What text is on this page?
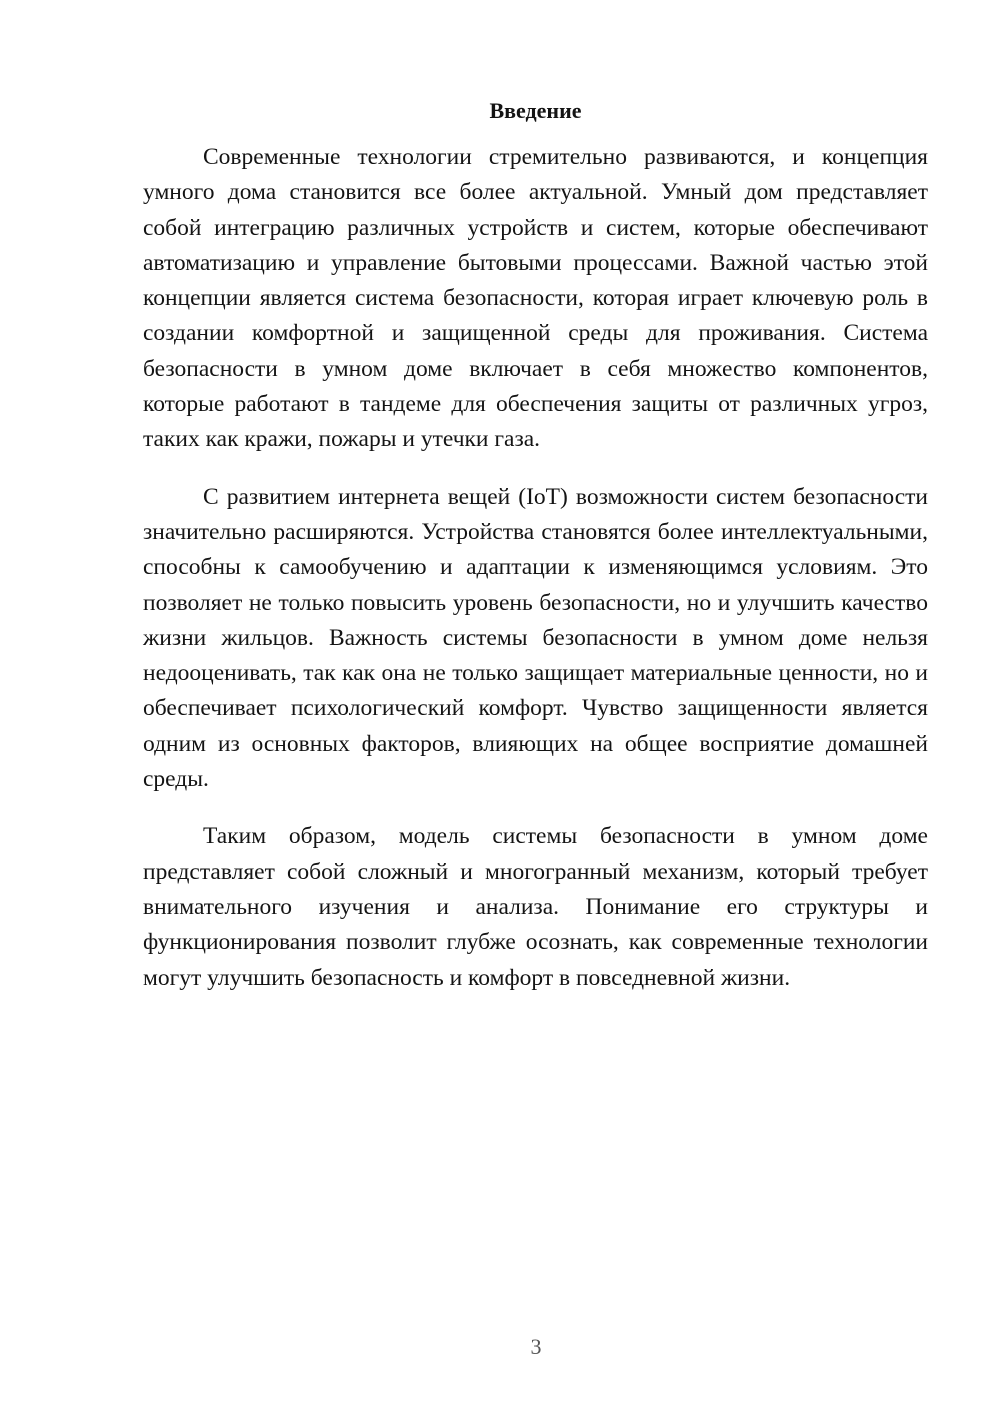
Введение

Современные технологии стремительно развиваются, и концепция умного дома становится все более актуальной. Умный дом представляет собой интеграцию различных устройств и систем, которые обеспечивают автоматизацию и управление бытовыми процессами. Важной частью этой концепции является система безопасности, которая играет ключевую роль в создании комфортной и защищенной среды для проживания. Система безопасности в умном доме включает в себя множество компонентов, которые работают в тандеме для обеспечения защиты от различных угроз, таких как кражи, пожары и утечки газа.

С развитием интернета вещей (IoT) возможности систем безопасности значительно расширяются. Устройства становятся более интеллектуальными, способны к самообучению и адаптации к изменяющимся условиям. Это позволяет не только повысить уровень безопасности, но и улучшить качество жизни жильцов. Важность системы безопасности в умном доме нельзя недооценивать, так как она не только защищает материальные ценности, но и обеспечивает психологический комфорт. Чувство защищенности является одним из основных факторов, влияющих на общее восприятие домашней среды.

Таким образом, модель системы безопасности в умном доме представляет собой сложный и многогранный механизм, который требует внимательного изучения и анализа. Понимание его структуры и функционирования позволит глубже осознать, как современные технологии могут улучшить безопасность и комфорт в повседневной жизни.

3
